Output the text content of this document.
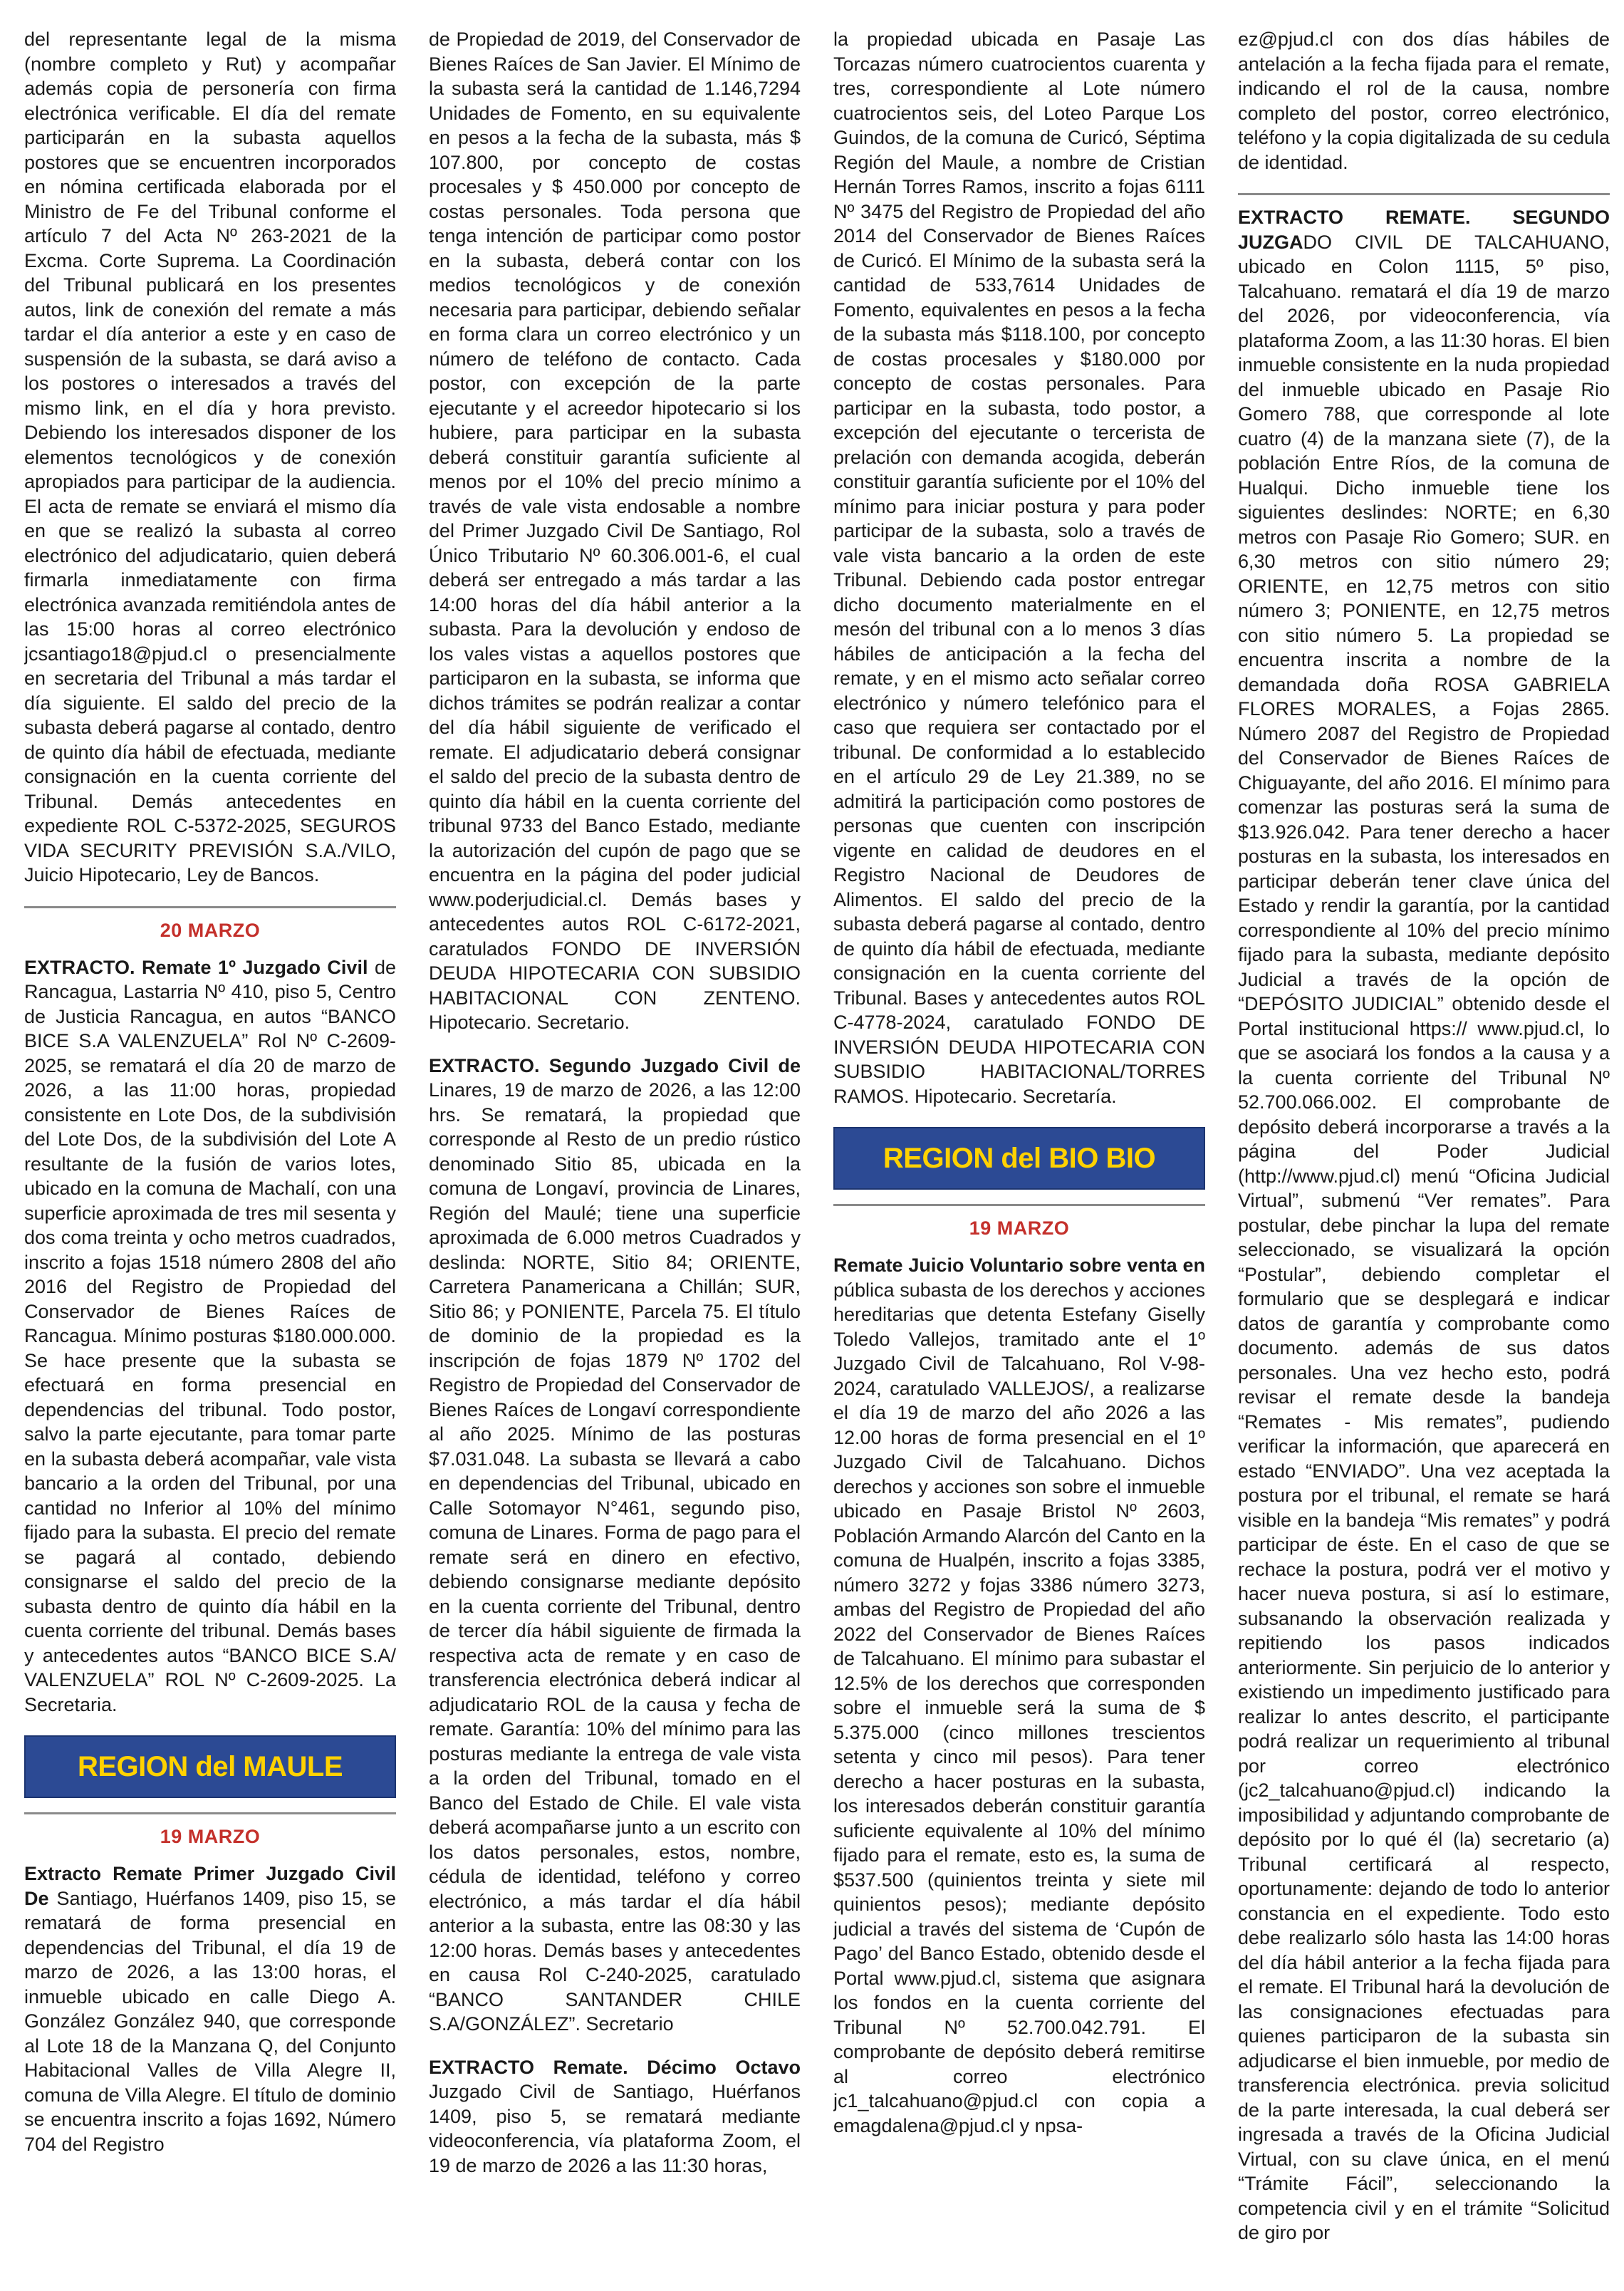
del representante legal de la misma (nombre completo y Rut) y acompañar además copia de personería con firma electrónica verificable. El día del remate participarán en la subasta aquellos postores que se encuentren incorporados en nómina certificada elaborada por el Ministro de Fe del Tribunal conforme el artículo 7 del Acta Nº 263-2021 de la Excma. Corte Suprema. La Coordinación del Tribunal publicará en los presentes autos, link de conexión del remate a más tardar el día anterior a este y en caso de suspensión de la subasta, se dará aviso a los postores o interesados a través del mismo link, en el día y hora previsto. Debiendo los interesados disponer de los elementos tecnológicos y de conexión apropiados para participar de la audiencia. El acta de remate se enviará el mismo día en que se realizó la subasta al correo electrónico del adjudicatario, quien deberá firmarla inmediatamente con firma electrónica avanzada remitiéndola antes de las 15:00 horas al correo electrónico jcsantiago18@pjud.cl o presencialmente en secretaria del Tribunal a más tardar el día siguiente. El saldo del precio de la subasta deberá pagarse al contado, dentro de quinto día hábil de efectuada, mediante consignación en la cuenta corriente del Tribunal. Demás antecedentes en expediente ROL C-5372-2025, SEGUROS VIDA SECURITY PREVISIÓN S.A./VILO, Juicio Hipotecario, Ley de Bancos.

20 MARZO

EXTRACTO. Remate 1º Juzgado Civil de Rancagua, Lastarria Nº 410, piso 5, Centro de Justicia Rancagua, en autos “BANCO BICE S.A VALENZUELA” Rol Nº C-2609-2025, se rematará el día 20 de marzo de 2026, a las 11:00 horas, propiedad consistente en Lote Dos, de la subdivisión del Lote Dos, de la subdivisión del Lote A resultante de la fusión de varios lotes, ubicado en la comuna de Machalí, con una superficie aproximada de tres mil sesenta y dos coma treinta y ocho metros cuadrados, inscrito a fojas 1518 número 2808 del año 2016 del Registro de Propiedad del Conservador de Bienes Raíces de Rancagua. Mínimo posturas $180.000.000. Se hace presente que la subasta se efectuará en forma presencial en dependencias del tribunal. Todo postor, salvo la parte ejecutante, para tomar parte en la subasta deberá acompañar, vale vista bancario a la orden del Tribunal, por una cantidad no Inferior al 10% del mínimo fijado para la subasta. El precio del remate se pagará al contado, debiendo consignarse el saldo del precio de la subasta dentro de quinto día hábil en la cuenta corriente del tribunal. Demás bases y antecedentes autos “BANCO BICE S.A/ VALENZUELA” ROL Nº C-2609-2025. La Secretaria.

REGION del MAULE
19 MARZO

Extracto Remate Primer Juzgado Civil De Santiago, Huérfanos 1409, piso 15, se rematará de forma presencial en dependencias del Tribunal, el día 19 de marzo de 2026, a las 13:00 horas, el inmueble ubicado en calle Diego A. González González 940, que corresponde al Lote 18 de la Manzana Q, del Conjunto Habitacional Valles de Villa Alegre II, comuna de Villa Alegre. El título de dominio se encuentra inscrito a fojas 1692, Número 704 del Registro

de Propiedad de 2019, del Conservador de Bienes Raíces de San Javier. El Mínimo de la subasta será la cantidad de 1.146,7294 Unidades de Fomento, en su equivalente en pesos a la fecha de la subasta, más $ 107.800, por concepto de costas procesales y $ 450.000 por concepto de costas personales. Toda persona que tenga intención de participar como postor en la subasta, deberá contar con los medios tecnológicos y de conexión necesaria para participar, debiendo señalar en forma clara un correo electrónico y un número de teléfono de contacto. Cada postor, con excepción de la parte ejecutante y el acreedor hipotecario si los hubiere, para participar en la subasta deberá constituir garantía suficiente al menos por el 10% del precio mínimo a través de vale vista endosable a nombre del Primer Juzgado Civil De Santiago, Rol Único Tributario Nº 60.306.001-6, el cual deberá ser entregado a más tardar a las 14:00 horas del día hábil anterior a la subasta. Para la devolución y endoso de los vales vistas a aquellos postores que participaron en la subasta, se informa que dichos trámites se podrán realizar a contar del día hábil siguiente de verificado el remate. El adjudicatario deberá consignar el saldo del precio de la subasta dentro de quinto día hábil en la cuenta corriente del tribunal 9733 del Banco Estado, mediante la autorización del cupón de pago que se encuentra en la página del poder judicial www.poderjudicial.cl. Demás bases y antecedentes autos ROL C-6172-2021, caratulados FONDO DE INVERSIÓN DEUDA HIPOTECARIA CON SUBSIDIO HABITACIONAL CON ZENTENO. Hipotecario. Secretario.

EXTRACTO. Segundo Juzgado Civil de Linares, 19 de marzo de 2026, a las 12:00 hrs. Se rematará, la propiedad que corresponde al Resto de un predio rústico denominado Sitio 85, ubicada en la comuna de Longaví, provincia de Linares, Región del Maulé; tiene una superficie aproximada de 6.000 metros Cuadrados y deslinda: NORTE, Sitio 84; ORIENTE, Carretera Panamericana a Chillán; SUR, Sitio 86; y PONIENTE, Parcela 75. El título de dominio de la propiedad es la inscripción de fojas 1879 Nº 1702 del Registro de Propiedad del Conservador de Bienes Raíces de Longaví correspondiente al año 2025. Mínimo de las posturas $7.031.048. La subasta se llevará a cabo en dependencias del Tribunal, ubicado en Calle Sotomayor N°461, segundo piso, comuna de Linares. Forma de pago para el remate será en dinero en efectivo, debiendo consignarse mediante depósito en la cuenta corriente del Tribunal, dentro de tercer día hábil siguiente de firmada la respectiva acta de remate y en caso de transferencia electrónica deberá indicar al adjudicatario ROL de la causa y fecha de remate. Garantía: 10% del mínimo para las posturas mediante la entrega de vale vista a la orden del Tribunal, tomado en el Banco del Estado de Chile. El vale vista deberá acompañarse junto a un escrito con los datos personales, estos, nombre, cédula de identidad, teléfono y correo electrónico, a más tardar el día hábil anterior a la subasta, entre las 08:30 y las 12:00 horas. Demás bases y antecedentes en causa Rol C-240-2025, caratulado “BANCO SANTANDER CHILE S.A/GONZÁLEZ”. Secretario

EXTRACTO Remate. Décimo Octavo Juzgado Civil de Santiago, Huérfanos 1409, piso 5, se rematará mediante videoconferencia, vía plataforma Zoom, el 19 de marzo de 2026 a las 11:30 horas,

la propiedad ubicada en Pasaje Las Torcazas número cuatrocientos cuarenta y tres, correspondiente al Lote número cuatrocientos seis, del Loteo Parque Los Guindos, de la comuna de Curicó, Séptima Región del Maule, a nombre de Cristian Hernán Torres Ramos, inscrito a fojas 6111 Nº 3475 del Registro de Propiedad del año 2014 del Conservador de Bienes Raíces de Curicó. El Mínimo de la subasta será la cantidad de 533,7614 Unidades de Fomento, equivalentes en pesos a la fecha de la subasta más $118.100, por concepto de costas procesales y $180.000 por concepto de costas personales. Para participar en la subasta, todo postor, a excepción del ejecutante o tercerista de prelación con demanda acogida, deberán constituir garantía suficiente por el 10% del mínimo para iniciar postura y para poder participar de la subasta, solo a través de vale vista bancario a la orden de este Tribunal. Debiendo cada postor entregar dicho documento materialmente en el mesón del tribunal con a lo menos 3 días hábiles de anticipación a la fecha del remate, y en el mismo acto señalar correo electrónico y número telefónico para el caso que requiera ser contactado por el tribunal. De conformidad a lo establecido en el artículo 29 de Ley 21.389, no se admitirá la participación como postores de personas que cuenten con inscripción vigente en calidad de deudores en el Registro Nacional de Deudores de Alimentos. El saldo del precio de la subasta deberá pagarse al contado, dentro de quinto día hábil de efectuada, mediante consignación en la cuenta corriente del Tribunal. Bases y antecedentes autos ROL C-4778-2024, caratulado FONDO DE INVERSIÓN DEUDA HIPOTECARIA CON SUBSIDIO HABITACIONAL/TORRES RAMOS. Hipotecario. Secretaría.

REGION del BIO BIO
19 MARZO

Remate Juicio Voluntario sobre venta en pública subasta de los derechos y acciones hereditarias que detenta Estefany Giselly Toledo Vallejos, tramitado ante el 1º Juzgado Civil de Talcahuano, Rol V-98-2024, caratulado VALLEJOS/, a realizarse el día 19 de marzo del año 2026 a las 12.00 horas de forma presencial en el 1º Juzgado Civil de Talcahuano. Dichos derechos y acciones son sobre el inmueble ubicado en Pasaje Bristol Nº 2603, Población Armando Alarcón del Canto en la comuna de Hualpén, inscrito a fojas 3385, número 3272 y fojas 3386 número 3273, ambas del Registro de Propiedad del año 2022 del Conservador de Bienes Raíces de Talcahuano. El mínimo para subastar el 12.5% de los derechos que corresponden sobre el inmueble será la suma de $ 5.375.000 (cinco millones trescientos setenta y cinco mil pesos). Para tener derecho a hacer posturas en la subasta, los interesados deberán constituir garantía suficiente equivalente al 10% del mínimo fijado para el remate, esto es, la suma de $537.500 (quinientos treinta y siete mil quinientos pesos); mediante depósito judicial a través del sistema de ‘Cupón de Pago’ del Banco Estado, obtenido desde el Portal www.pjud.cl, sistema que asignara los fondos en la cuenta corriente del Tribunal Nº 52.700.042.791. El comprobante de depósito deberá remitirse al correo electrónico jc1_talcahuano@pjud.cl con copia a emagdalena@pjud.cl y npsa-

ez@pjud.cl con dos días hábiles de antelación a la fecha fijada para el remate, indicando el rol de la causa, nombre completo del postor, correo electrónico, teléfono y la copia digitalizada de su cedula de identidad.

EXTRACTO REMATE. SEGUNDO JUZGADO CIVIL DE TALCAHUANO, ubicado en Colon 1115, 5º piso, Talcahuano. rematará el día 19 de marzo del 2026, por videoconferencia, vía plataforma Zoom, a las 11:30 horas. El bien inmueble consistente en la nuda propiedad del inmueble ubicado en Pasaje Rio Gomero 788, que corresponde al lote cuatro (4) de la manzana siete (7), de la población Entre Ríos, de la comuna de Hualqui. Dicho inmueble tiene los siguientes deslindes: NORTE; en 6,30 metros con Pasaje Rio Gomero; SUR. en 6,30 metros con sitio número 29; ORIENTE, en 12,75 metros con sitio número 3; PONIENTE, en 12,75 metros con sitio número 5. La propiedad se encuentra inscrita a nombre de la demandada doña ROSA GABRIELA FLORES MORALES, a Fojas 2865. Número 2087 del Registro de Propiedad del Conservador de Bienes Raíces de Chiguayante, del año 2016. El mínimo para comenzar las posturas será la suma de $13.926.042. Para tener derecho a hacer posturas en la subasta, los interesados en participar deberán tener clave única del Estado y rendir la garantía, por la cantidad correspondiente al 10% del precio mínimo fijado para la subasta, mediante depósito Judicial a través de la opción de “DEPÓSITO JUDICIAL” obtenido desde el Portal institucional https:// www.pjud.cl, lo que se asociará los fondos a la causa y a la cuenta corriente del Tribunal Nº 52.700.066.002. El comprobante de depósito deberá incorporarse a través a la página del Poder Judicial (http://www.pjud.cl) menú “Oficina Judicial Virtual”, submenú “Ver remates”. Para postular, debe pinchar la lupa del remate seleccionado, se visualizará la opción “Postular”, debiendo completar el formulario que se desplegará e indicar datos de garantía y comprobante como documento. además de sus datos personales. Una vez hecho esto, podrá revisar el remate desde la bandeja “Remates - Mis remates”, pudiendo verificar la información, que aparecerá en estado “ENVIADO”. Una vez aceptada la postura por el tribunal, el remate se hará visible en la bandeja “Mis remates” y podrá participar de éste. En el caso de que se rechace la postura, podrá ver el motivo y hacer nueva postura, si así lo estimare, subsanando la observación realizada y repitiendo los pasos indicados anteriormente. Sin perjuicio de lo anterior y existiendo un impedimento justificado para realizar lo antes descrito, el participante podrá realizar un requerimiento al tribunal por correo electrónico (jc2_talcahuano@pjud.cl) indicando la imposibilidad y adjuntando comprobante de depósito por lo qué él (la) secretario (a) Tribunal certificará al respecto, oportunamente: dejando de todo lo anterior constancia en el expediente. Todo esto debe realizarlo sólo hasta las 14:00 horas del día hábil anterior a la fecha fijada para el remate. El Tribunal hará la devolución de las consignaciones efectuadas para quienes participaron de la subasta sin adjudicarse el bien inmueble, por medio de transferencia electrónica. previa solicitud de la parte interesada, la cual deberá ser ingresada a través de la Oficina Judicial Virtual, con su clave única, en el menú “Trámite Fácil”, seleccionando la competencia civil y en el trámite “Solicitud de giro por
